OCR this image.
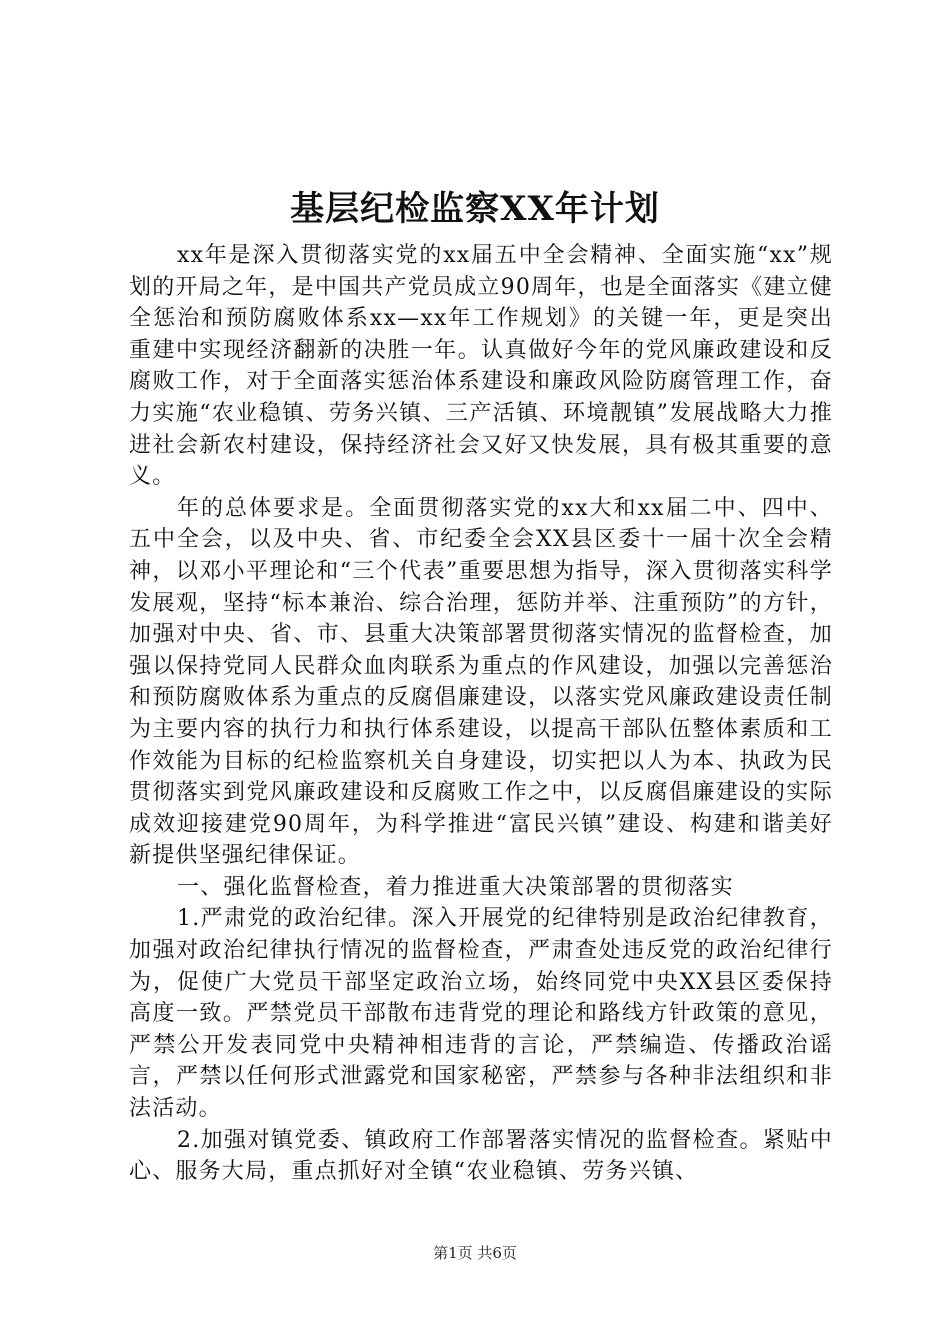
基层纪检监察XX年计划

xx年是深入贯彻落实党的xx届五中全会精神、全面实施“xx”规划的开局之年，是中国共产党员成立90周年，也是全面落实《建立健全惩治和预防腐败体系xx—xx年工作规划》的关键一年，更是突出重建中实现经济翻新的决胜一年。认真做好今年的党风廉政建设和反腐败工作，对于全面落实惩治体系建设和廉政风险防腐管理工作，奋力实施“农业稳镇、劳务兴镇、三产活镇、环境靓镇”发展战略大力推进社会新农村建设，保持经济社会又好又快发展，具有极其重要的意义。

年的总体要求是。全面贯彻落实党的xx大和xx届二中、四中、五中全会，以及中央、省、市纪委全会XX县区委十一届十次全会精神，以邓小平理论和“三个代表”重要思想为指导，深入贯彻落实科学发展观，坚持“标本兼治、综合治理，惩防并举、注重预防”的方针，加强对中央、省、市、县重大决策部署贯彻落实情况的监督检查，加强以保持党同人民群众血肉联系为重点的作风建设，加强以完善惩治和预防腐败体系为重点的反腐倡廉建设，以落实党风廉政建设责任制为主要内容的执行力和执行体系建设，以提高干部队伍整体素质和工作效能为目标的纪检监察机关自身建设，切实把以人为本、执政为民贯彻落实到党风廉政建设和反腐败工作之中，以反腐倡廉建设的实际成效迎接建党90周年，为科学推进“富民兴镇”建设、构建和谐美好新提供坚强纪律保证。

一、强化监督检查，着力推进重大决策部署的贯彻落实

1.严肃党的政治纪律。深入开展党的纪律特别是政治纪律教育，加强对政治纪律执行情况的监督检查，严肃查处违反党的政治纪律行为，促使广大党员干部坚定政治立场，始终同党中央XX县区委保持高度一致。严禁党员干部散布违背党的理论和路线方针政策的意见，严禁公开发表同党中央精神相违背的言论，严禁编造、传播政治谣言，严禁以任何形式泄露党和国家秘密，严禁参与各种非法组织和非法活动。

2.加强对镇党委、镇政府工作部署落实情况的监督检查。紧贴中心、服务大局，重点抓好对全镇“农业稳镇、劳务兴镇、

第1页 共6页
